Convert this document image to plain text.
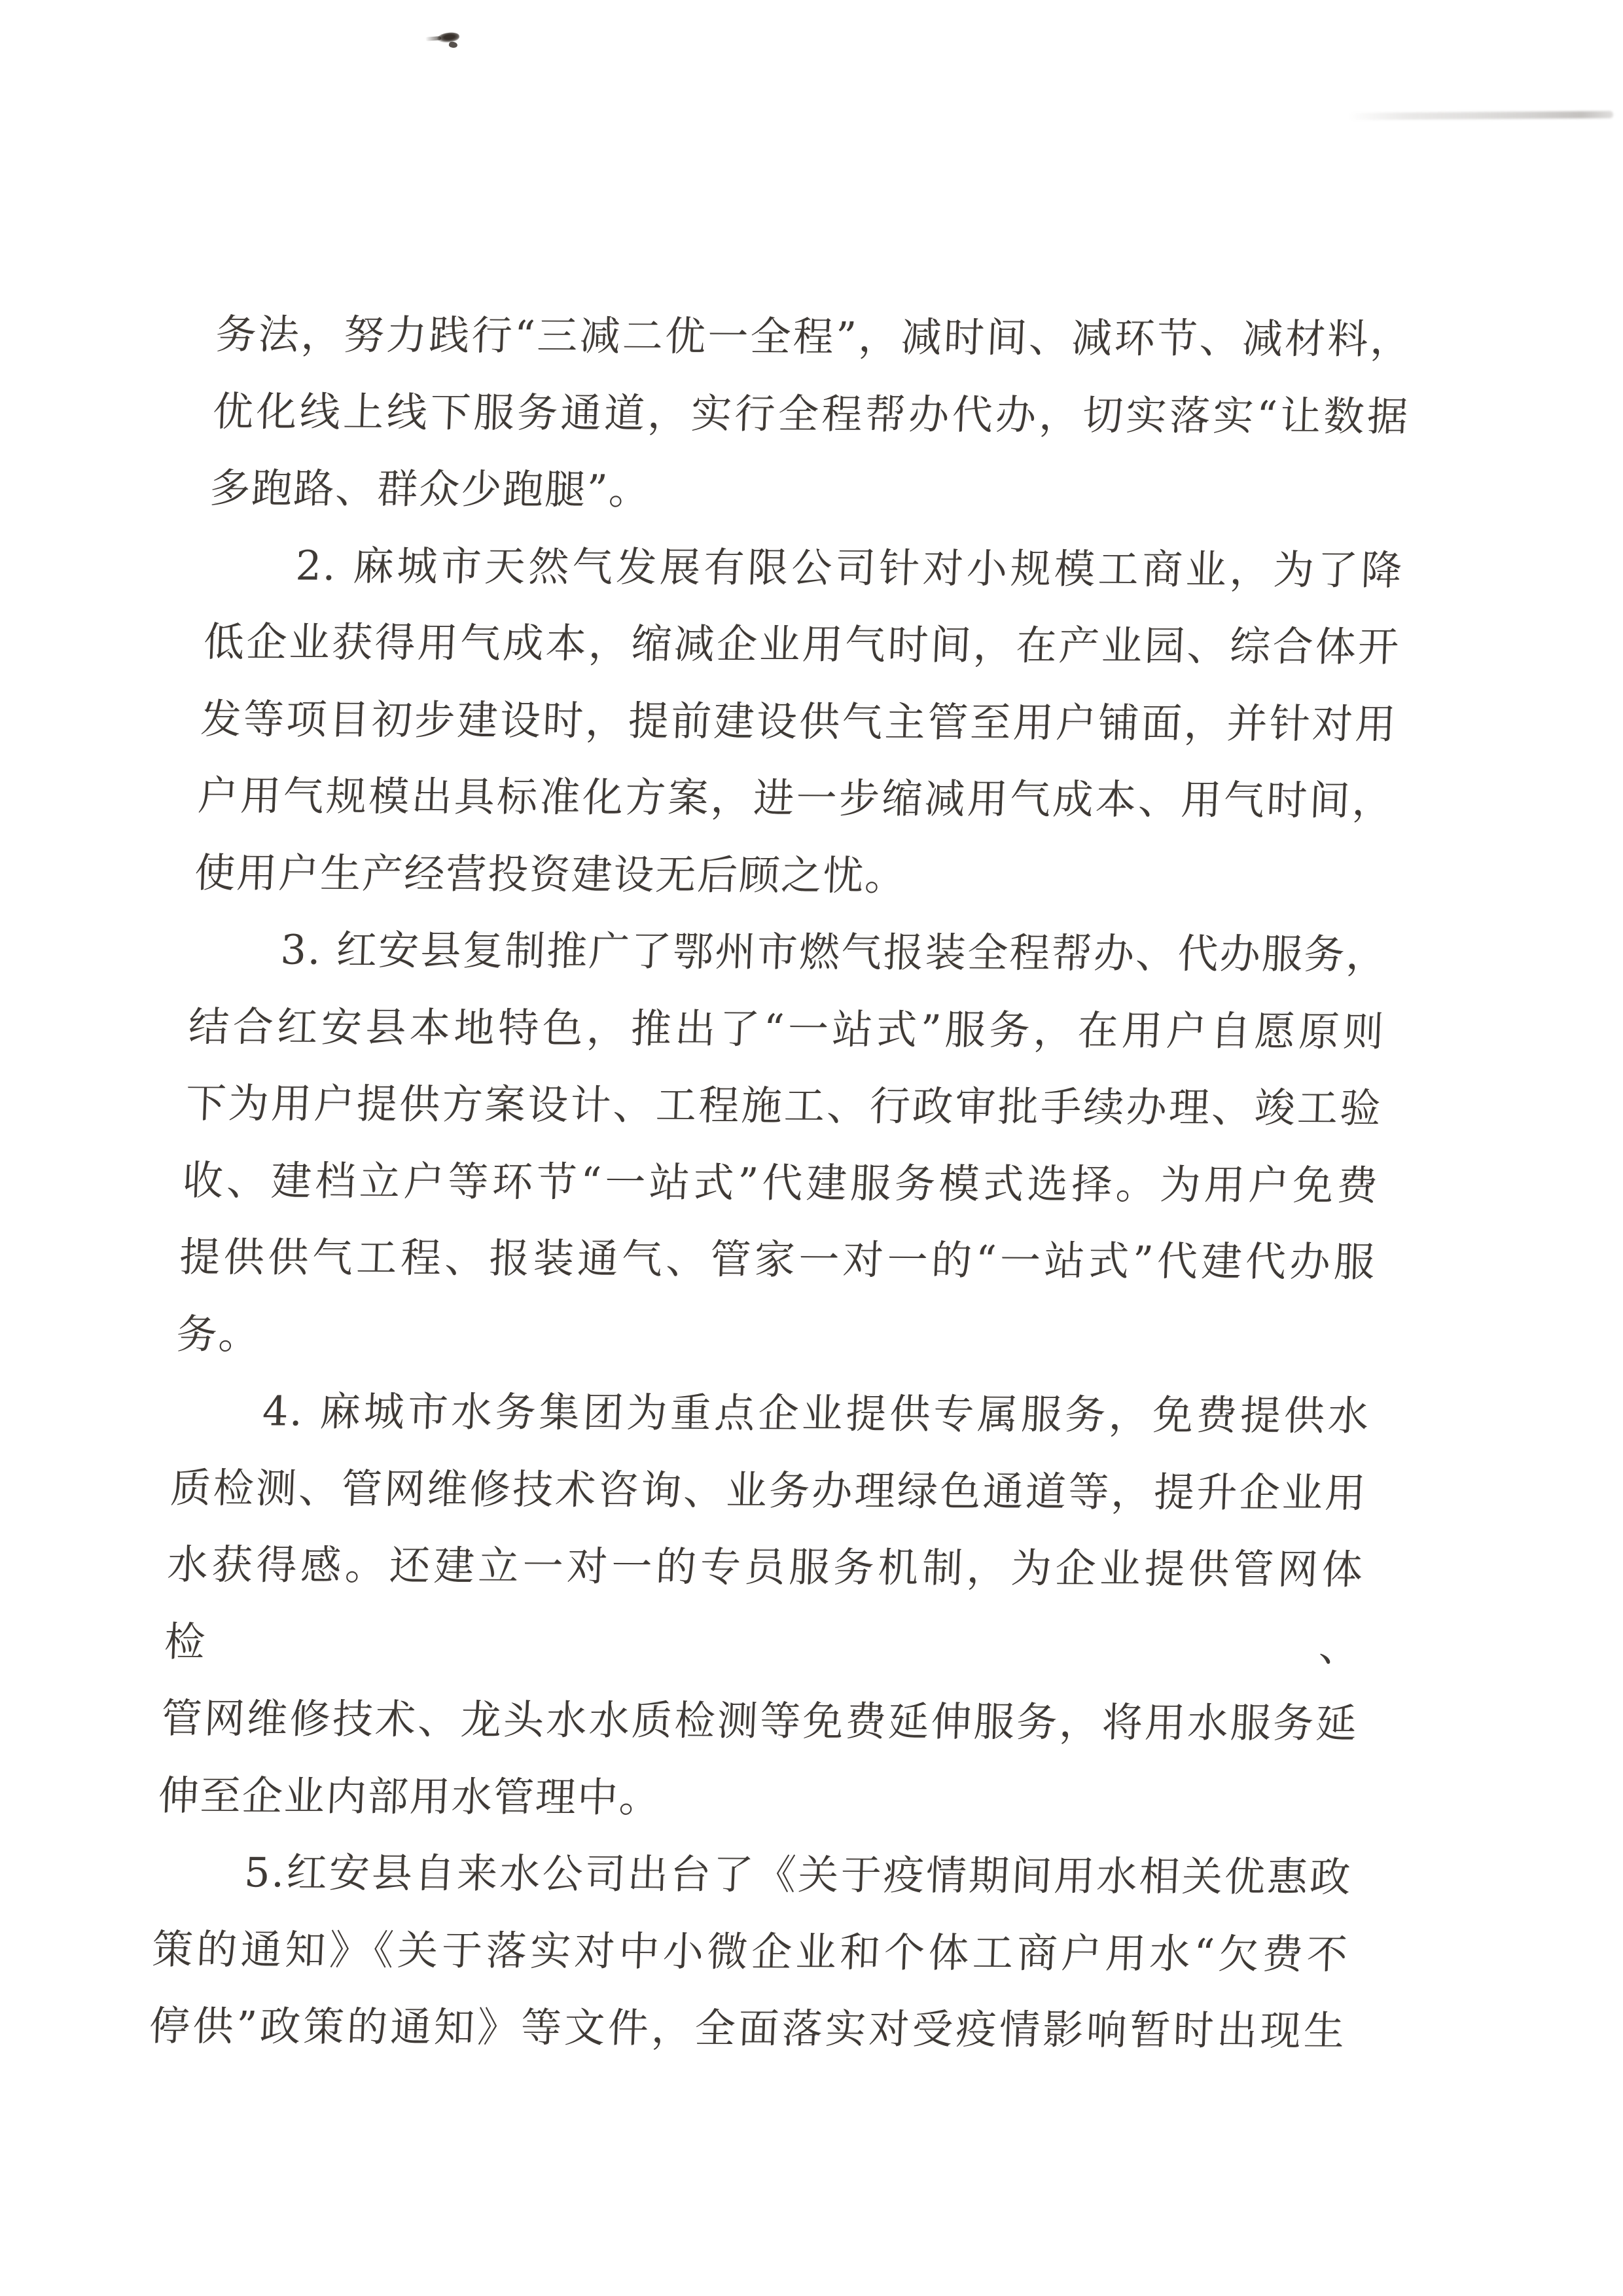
务法，努力践行“三减二优一全程”，减时间、减环节、减材料，
优化线上线下服务通道，实行全程帮办代办，切实落实“让数据
多跑路、群众少跑腿”。
2. 麻城市天然气发展有限公司针对小规模工商业，为了降
低企业获得用气成本，缩减企业用气时间，在产业园、综合体开
发等项目初步建设时，提前建设供气主管至用户铺面，并针对用
户用气规模出具标准化方案，进一步缩减用气成本、用气时间，
使用户生产经营投资建设无后顾之忧。
3. 红安县复制推广了鄂州市燃气报装全程帮办、代办服务，
结合红安县本地特色，推出了“一站式”服务，在用户自愿原则
下为用户提供方案设计、工程施工、行政审批手续办理、竣工验
收、建档立户等环节“一站式”代建服务模式选择。为用户免费
提供供气工程、报装通气、管家一对一的“一站式”代建代办服
务。
4. 麻城市水务集团为重点企业提供专属服务，免费提供水
质检测、管网维修技术咨询、业务办理绿色通道等，提升企业用
水获得感。还建立一对一的专员服务机制，为企业提供管网体检、
管网维修技术、龙头水水质检测等免费延伸服务，将用水服务延
伸至企业内部用水管理中。
5.红安县自来水公司出台了《关于疫情期间用水相关优惠政
策的通知》《关于落实对中小微企业和个体工商户用水“欠费不
停供”政策的通知》等文件，全面落实对受疫情影响暂时出现生
